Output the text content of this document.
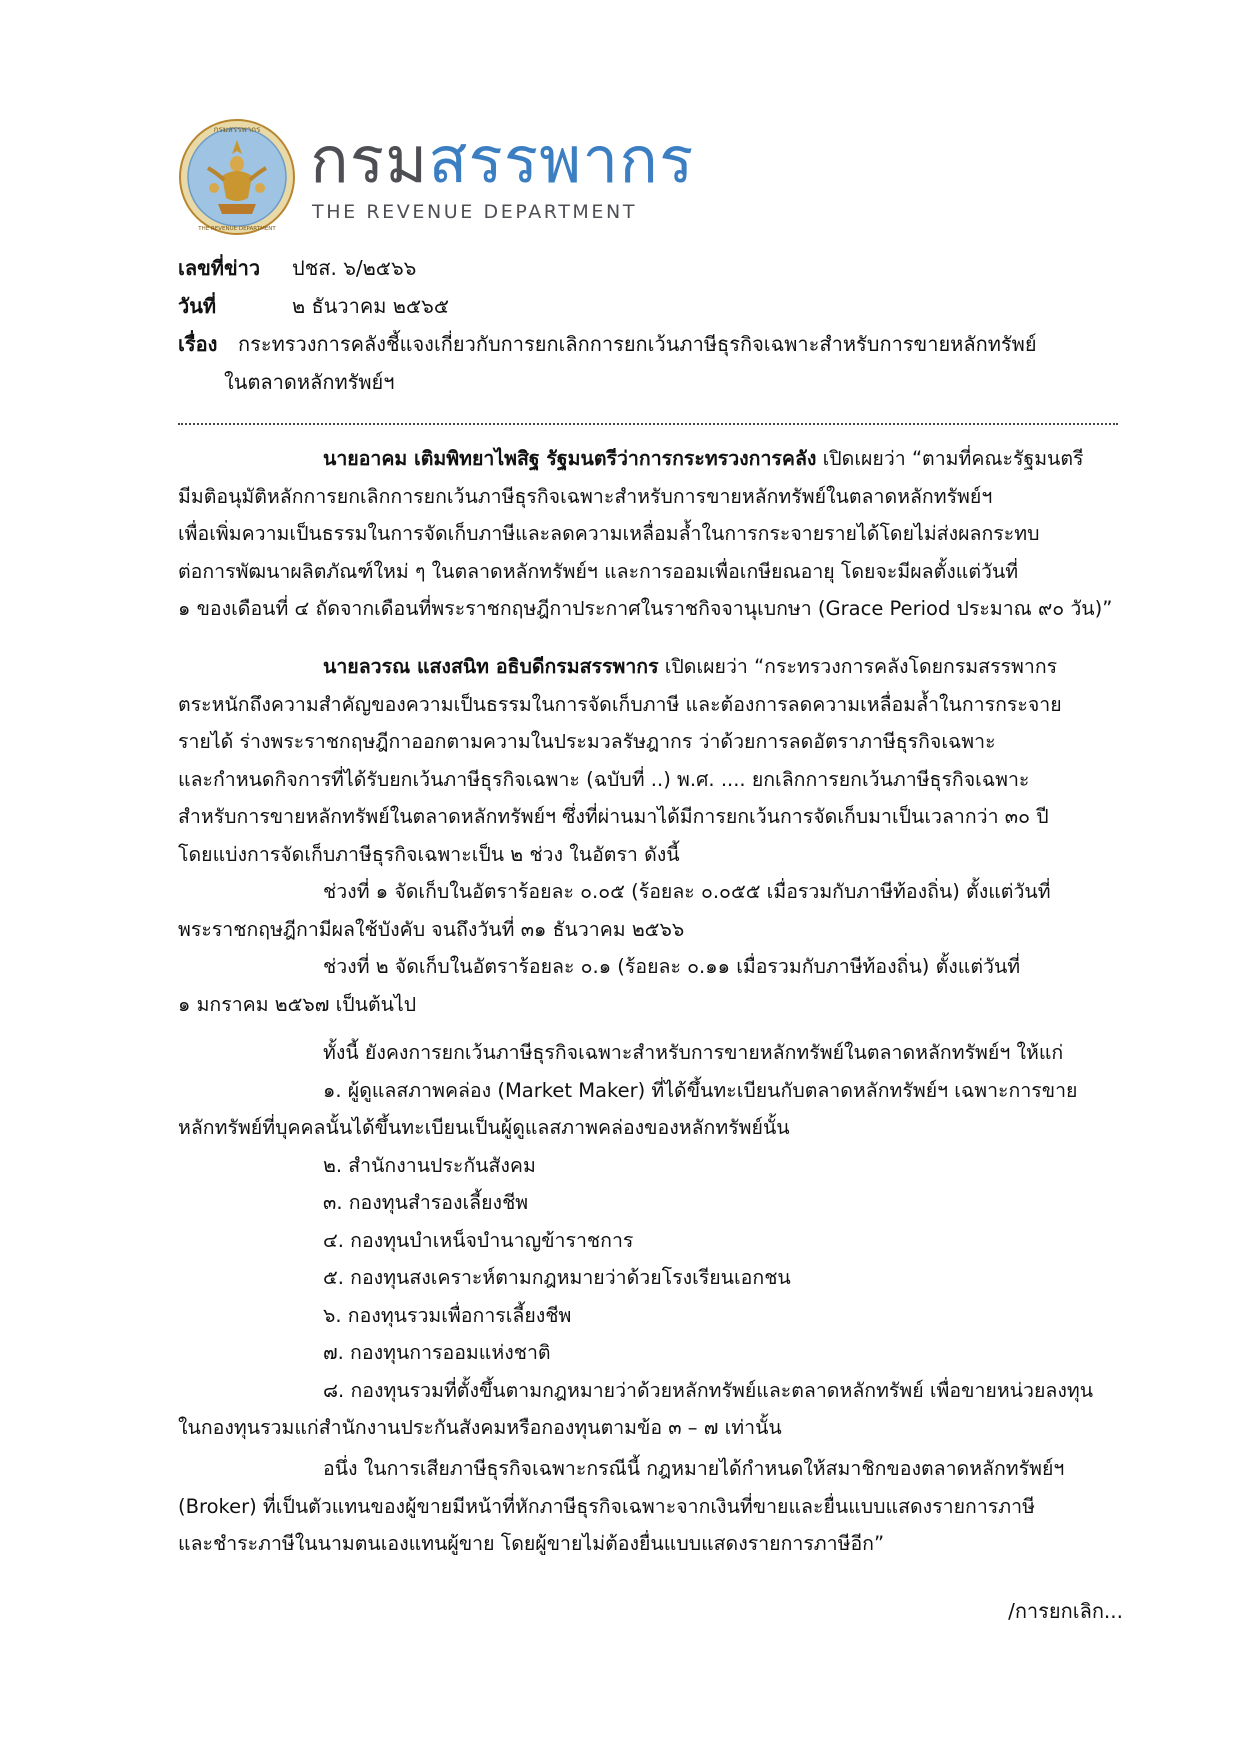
กรมสรรพากร
THE REVENUE DEPARTMENT
กรมสรรพากร
THE REVENUE DEPARTMENT
เลขที่ข่าว ปชส. ๖/๒๕๖๖
วันที่	๒ ธันวาคม ๒๕๖๕
เรื่อง กระทรวงการคลังชี้แจงเกี่ยวกับการยกเลิกการยกเว้นภาษีธุรกิจเฉพาะสำหรับการขายหลักทรัพย์
ในตลาดหลักทรัพย์ฯ
นายอาคม เติมพิทยาไพสิฐ รัฐมนตรีว่าการกระทรวงการคลัง เปิดเผยว่า “ตามที่คณะรัฐมนตรี
มีมติอนุมัติหลักการยกเลิกการยกเว้นภาษีธุรกิจเฉพาะสำหรับการขายหลักทรัพย์ในตลาดหลักทรัพย์ฯ
เพื่อเพิ่มความเป็นธรรมในการจัดเก็บภาษีและลดความเหลื่อมล้ำในการกระจายรายได้โดยไม่ส่งผลกระทบ
ต่อการพัฒนาผลิตภัณฑ์ใหม่ ๆ ในตลาดหลักทรัพย์ฯ และการออมเพื่อเกษียณอายุ โดยจะมีผลตั้งแต่วันที่
๑ ของเดือนที่ ๔ ถัดจากเดือนที่พระราชกฤษฎีกาประกาศในราชกิจจานุเบกษา (Grace Period ประมาณ ๙๐ วัน)”
นายลวรณ แสงสนิท อธิบดีกรมสรรพากร เปิดเผยว่า “กระทรวงการคลังโดยกรมสรรพากร
ตระหนักถึงความสำคัญของความเป็นธรรมในการจัดเก็บภาษี และต้องการลดความเหลื่อมล้ำในการกระจาย
รายได้ ร่างพระราชกฤษฎีกาออกตามความในประมวลรัษฎากร ว่าด้วยการลดอัตราภาษีธุรกิจเฉพาะ
และกำหนดกิจการที่ได้รับยกเว้นภาษีธุรกิจเฉพาะ (ฉบับที่ ..) พ.ศ. .... ยกเลิกการยกเว้นภาษีธุรกิจเฉพาะ
สำหรับการขายหลักทรัพย์ในตลาดหลักทรัพย์ฯ ซึ่งที่ผ่านมาได้มีการยกเว้นการจัดเก็บมาเป็นเวลากว่า ๓๐ ปี
โดยแบ่งการจัดเก็บภาษีธุรกิจเฉพาะเป็น ๒ ช่วง ในอัตรา ดังนี้
ช่วงที่ ๑ จัดเก็บในอัตราร้อยละ ๐.๐๕ (ร้อยละ ๐.๐๕๕ เมื่อรวมกับภาษีท้องถิ่น) ตั้งแต่วันที่
พระราชกฤษฎีกามีผลใช้บังคับ จนถึงวันที่ ๓๑ ธันวาคม ๒๕๖๖
ช่วงที่ ๒ จัดเก็บในอัตราร้อยละ ๐.๑ (ร้อยละ ๐.๑๑ เมื่อรวมกับภาษีท้องถิ่น) ตั้งแต่วันที่
๑ มกราคม ๒๕๖๗ เป็นต้นไป
ทั้งนี้ ยังคงการยกเว้นภาษีธุรกิจเฉพาะสำหรับการขายหลักทรัพย์ในตลาดหลักทรัพย์ฯ ให้แก่
๑. ผู้ดูแลสภาพคล่อง (Market Maker) ที่ได้ขึ้นทะเบียนกับตลาดหลักทรัพย์ฯ เฉพาะการขาย
หลักทรัพย์ที่บุคคลนั้นได้ขึ้นทะเบียนเป็นผู้ดูแลสภาพคล่องของหลักทรัพย์นั้น
๒. สำนักงานประกันสังคม
๓. กองทุนสำรองเลี้ยงชีพ
๔. กองทุนบำเหน็จบำนาญข้าราชการ
๕. กองทุนสงเคราะห์ตามกฎหมายว่าด้วยโรงเรียนเอกชน
๖. กองทุนรวมเพื่อการเลี้ยงชีพ
๗. กองทุนการออมแห่งชาติ
๘. กองทุนรวมที่ตั้งขึ้นตามกฎหมายว่าด้วยหลักทรัพย์และตลาดหลักทรัพย์ เพื่อขายหน่วยลงทุน
ในกองทุนรวมแก่สำนักงานประกันสังคมหรือกองทุนตามข้อ ๓ – ๗ เท่านั้น
อนึ่ง ในการเสียภาษีธุรกิจเฉพาะกรณีนี้ กฎหมายได้กำหนดให้สมาชิกของตลาดหลักทรัพย์ฯ
(Broker) ที่เป็นตัวแทนของผู้ขายมีหน้าที่หักภาษีธุรกิจเฉพาะจากเงินที่ขายและยื่นแบบแสดงรายการภาษี
และชำระภาษีในนามตนเองแทนผู้ขาย โดยผู้ขายไม่ต้องยื่นแบบแสดงรายการภาษีอีก”
/การยกเลิก...
